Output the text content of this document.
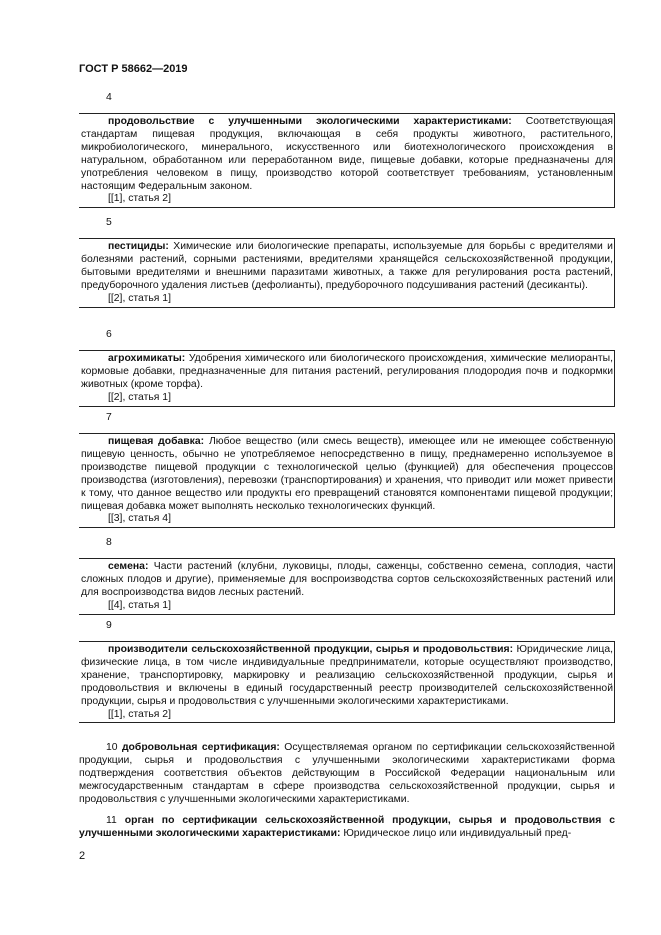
ГОСТ Р 58662—2019
4
продовольствие с улучшенными экологическими характеристиками: Соответствующая стандартам пищевая продукция, включающая в себя продукты животного, растительного, микробиологического, минерального, искусственного или биотехнологического происхождения в натуральном, обработанном или переработанном виде, пищевые добавки, которые предназначены для употребления человеком в пищу, производство которой соответствует требованиям, установленным настоящим Федеральным законом.
[[1], статья 2]
5
пестициды: Химические или биологические препараты, используемые для борьбы с вредителями и болезнями растений, сорными растениями, вредителями хранящейся сельскохозяйственной продукции, бытовыми вредителями и внешними паразитами животных, а также для регулирования роста растений, предуборочного удаления листьев (дефолианты), предуборочного подсушивания растений (десиканты).
[[2], статья 1]
6
агрохимикаты: Удобрения химического или биологического происхождения, химические мелиоранты, кормовые добавки, предназначенные для питания растений, регулирования плодородия почв и подкормки животных (кроме торфа).
[[2], статья 1]
7
пищевая добавка: Любое вещество (или смесь веществ), имеющее или не имеющее собственную пищевую ценность, обычно не употребляемое непосредственно в пищу, преднамеренно используемое в производстве пищевой продукции с технологической целью (функцией) для обеспечения процессов производства (изготовления), перевозки (транспортирования) и хранения, что приводит или может привести к тому, что данное вещество или продукты его превращений становятся компонентами пищевой продукции; пищевая добавка может выполнять несколько технологических функций.
[[3], статья 4]
8
семена: Части растений (клубни, луковицы, плоды, саженцы, собственно семена, соплодия, части сложных плодов и другие), применяемые для воспроизводства сортов сельскохозяйственных растений или для воспроизводства видов лесных растений.
[[4], статья 1]
9
производители сельскохозяйственной продукции, сырья и продовольствия: Юридические лица, физические лица, в том числе индивидуальные предприниматели, которые осуществляют производство, хранение, транспортировку, маркировку и реализацию сельскохозяйственной продукции, сырья и продовольствия и включены в единый государственный реестр производителей сельскохозяйственной продукции, сырья и продовольствия с улучшенными экологическими характеристиками.
[[1], статья 2]
10 добровольная сертификация: Осуществляемая органом по сертификации сельскохозяйственной продукции, сырья и продовольствия с улучшенными экологическими характеристиками форма подтверждения соответствия объектов действующим в Российской Федерации национальным или межгосударственным стандартам в сфере производства сельскохозяйственной продукции, сырья и продовольствия с улучшенными экологическими характеристиками.
11 орган по сертификации сельскохозяйственной продукции, сырья и продовольствия с улучшенными экологическими характеристиками: Юридическое лицо или индивидуальный пред-
2
